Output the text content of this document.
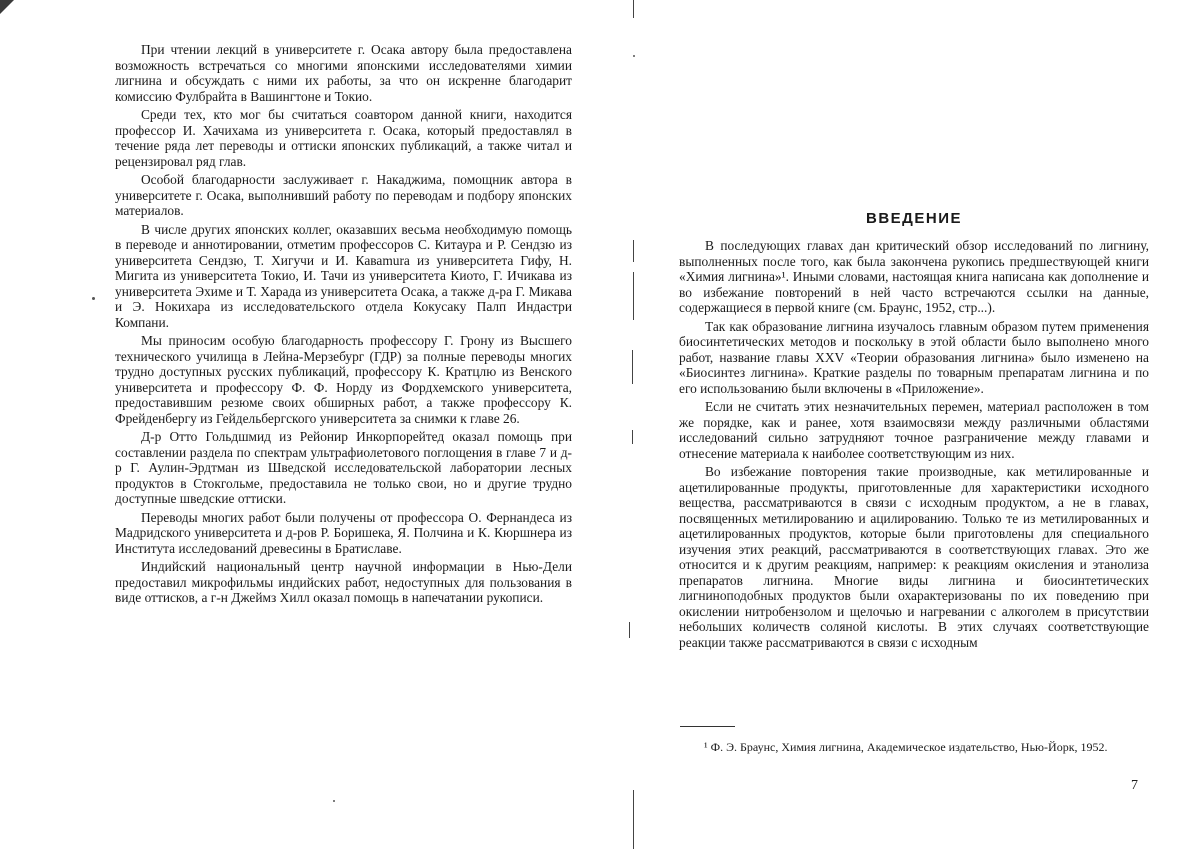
При чтении лекций в университете г. Осака автору была предоставлена возможность встречаться со многими японскими исследователями химии лигнина и обсуждать с ними их работы, за что он искренне благодарит комиссию Фулбрайта в Вашингтоне и Токио.

Среди тех, кто мог бы считаться соавтором данной книги, находится профессор И. Хачихама из университета г. Осака, который предоставлял в течение ряда лет переводы и оттиски японских публикаций, а также читал и рецензировал ряд глав.

Особой благодарности заслуживает г. Накаджима, помощник автора в университете г. Осака, выполнивший работу по переводам и подбору японских материалов.

В числе других японских коллег, оказавших весьма необходимую помощь в переводе и аннотировании, отметим профессоров С. Китаура и Р. Сендзю из университета Сендзю, Т. Хигучи и И. Каваmura из университета Гифу, Н. Мигита из университета Токио, И. Тачи из университета Киото, Г. Ичикава из университета Эхиме и Т. Харада из университета Осака, а также д-ра Г. Микава и Э. Нокихара из исследовательского отдела Кокусаку Палп Индастри Компани.

Мы приносим особую благодарность профессору Г. Грону из Высшего технического училища в Лейна-Мерзебург (ГДР) за полные переводы многих трудно доступных русских публикаций, профессору К. Кратцлю из Венского университета и профессору Ф. Ф. Норду из Фордхемского университета, предоставившим резюме своих обширных работ, а также профессору К. Фрейденбергу из Гейдельбергского университета за снимки к главе 26.

Д-р Отто Гольдшмид из Рейонир Инкорпорейтед оказал помощь при составлении раздела по спектрам ультрафиолетового поглощения в главе 7 и д-р Г. Аулин-Эрдтман из Шведской исследовательской лаборатории лесных продуктов в Стокгольме, предоставила не только свои, но и другие трудно доступные шведские оттиски.

Переводы многих работ были получены от профессора О. Фернандеса из Мадридского университета и д-ров Р. Боришека, Я. Полчина и К. Кюршнера из Института исследований древесины в Братиславе.

Индийский национальный центр научной информации в Нью-Дели предоставил микрофильмы индийских работ, недоступных для пользования в виде оттисков, а г-н Джеймз Хилл оказал помощь в напечатании рукописи.

ВВЕДЕНИЕ

В последующих главах дан критический обзор исследований по лигнину, выполненных после того, как была закончена рукопись предшествующей книги «Химия лигнина»¹. Иными словами, настоящая книга написана как дополнение и во избежание повторений в ней часто встречаются ссылки на данные, содержащиеся в первой книге (см. Браунс, 1952, стр...).

Так как образование лигнина изучалось главным образом путем применения биосинтетических методов и поскольку в этой области было выполнено много работ, название главы XXV «Теории образования лигнина» было изменено на «Биосинтез лигнина». Краткие разделы по товарным препаратам лигнина и по его использованию были включены в «Приложение».

Если не считать этих незначительных перемен, материал расположен в том же порядке, как и ранее, хотя взаимосвязи между различными областями исследований сильно затрудняют точное разграничение между главами и отнесение материала к наиболее соответствующим из них.

Во избежание повторения такие производные, как метилированные и ацетилированные продукты, приготовленные для характеристики исходного вещества, рассматриваются в связи с исходным продуктом, а не в главах, посвященных метилированию и ацилированию. Только те из метилированных и ацетилированных продуктов, которые были приготовлены для специального изучения этих реакций, рассматриваются в соответствующих главах. Это же относится и к другим реакциям, например: к реакциям окисления и этанолиза препаратов лигнина. Многие виды лигнина и биосинтетических лигниноподобных продуктов были охарактеризованы по их поведению при окислении нитробензолом и щелочью и нагревании с алкоголем в присутствии небольших количеств соляной кислоты. В этих случаях соответствующие реакции также рассматриваются в связи с исходным

¹ Ф. Э. Браунс, Химия лигнина, Академическое издательство, Нью-Йорк, 1952.
7
